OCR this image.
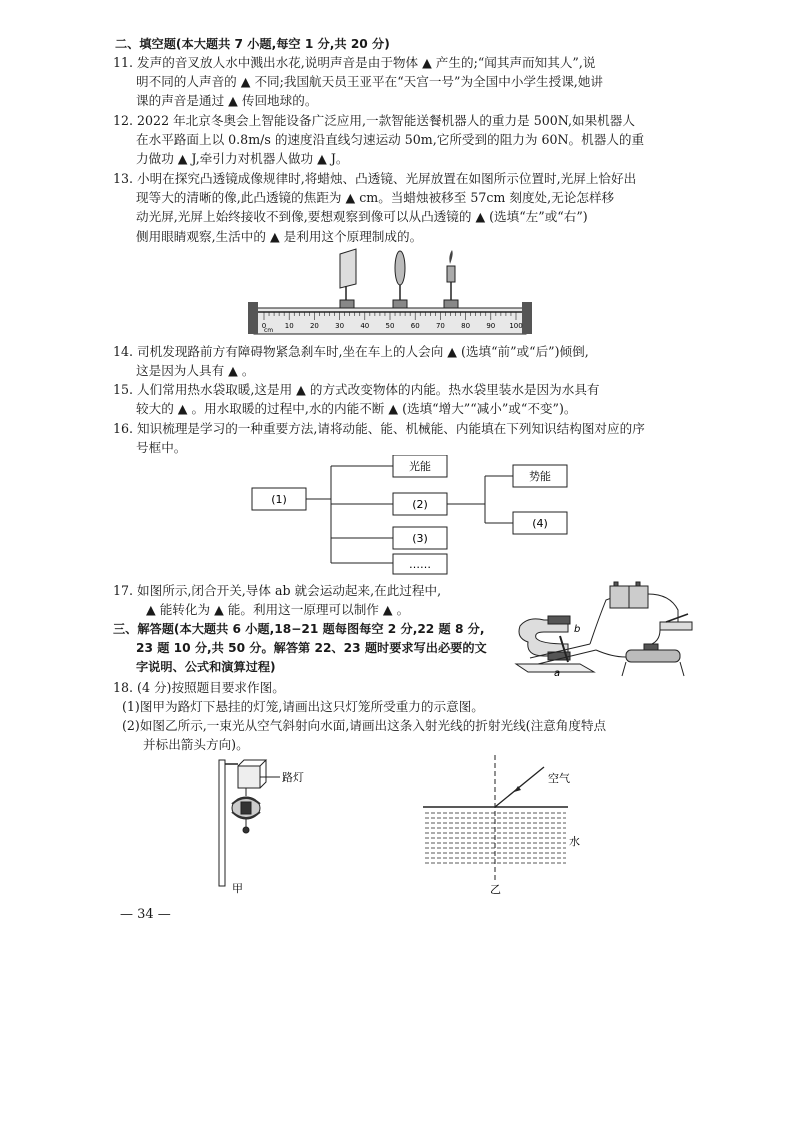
二、填空题(本大题共 7 小题,每空 1 分,共 20 分)
11. 发声的音叉放人水中溅出水花,说明声音是由于物体 ▲ 产生的;“闻其声而知其人”,说
明不同的人声音的 ▲ 不同;我国航天员王亚平在“天宫一号”为全国中小学生授课,她讲
课的声音是通过 ▲ 传回地球的。
12. 2022 年北京冬奥会上智能设备广泛应用,一款智能送餐机器人的重力是 500N,如果机器人
在水平路面上以 0.8m/s 的速度沿直线匀速运动 50m,它所受到的阻力为 60N。机器人的重
力做功 ▲ J,牵引力对机器人做功 ▲ J。
13. 小明在探究凸透镜成像规律时,将蜡烛、凸透镜、光屏放置在如图所示位置时,光屏上恰好出
现等大的清晰的像,此凸透镜的焦距为 ▲ cm。当蜡烛被移至 57cm 刻度处,无论怎样移
动光屏,光屏上始终接收不到像,要想观察到像可以从凸透镜的 ▲ (选填“左”或“右”)
侧用眼睛观察,生活中的 ▲ 是利用这个原理制成的。
0	10 20 30 40 50 60 70 80 90 100
cm
14. 司机发现路前方有障碍物紧急刹车时,坐在车上的人会向 ▲ (选填“前”或“后”)倾倒,
这是因为人具有 ▲ 。
15. 人们常用热水袋取暖,这是用 ▲ 的方式改变物体的内能。热水袋里装水是因为水具有
较大的 ▲ 。用水取暖的过程中,水的内能不断 ▲ (选填“增大”“减小”或“不变”)。
16. 知识梳理是学习的一种重要方法,请将动能、能、机械能、内能填在下列知识结构图对应的序
号框中。
(1)
光能
(2)
(3)
……
势能
(4)
17. 如图所示,闭合开关,导体 ab 就会运动起来,在此过程中,
▲ 能转化为 ▲ 能。利用这一原理可以制作 ▲ 。
三、解答题(本大题共 6 小题,18−21 题每图每空 2 分,22 题 8 分,
23 题 10 分,共 50 分。解答第 22、23 题时要求写出必要的文
字说明、公式和演算过程)
b
a
18. (4 分)按照题目要求作图。
(1)图甲为路灯下悬挂的灯笼,请画出这只灯笼所受重力的示意图。
(2)如图乙所示,一束光从空气斜射向水面,请画出这条入射光线的折射光线(注意角度特点
并标出箭头方向)。
路灯
甲
空气
水
乙
— 34 —
